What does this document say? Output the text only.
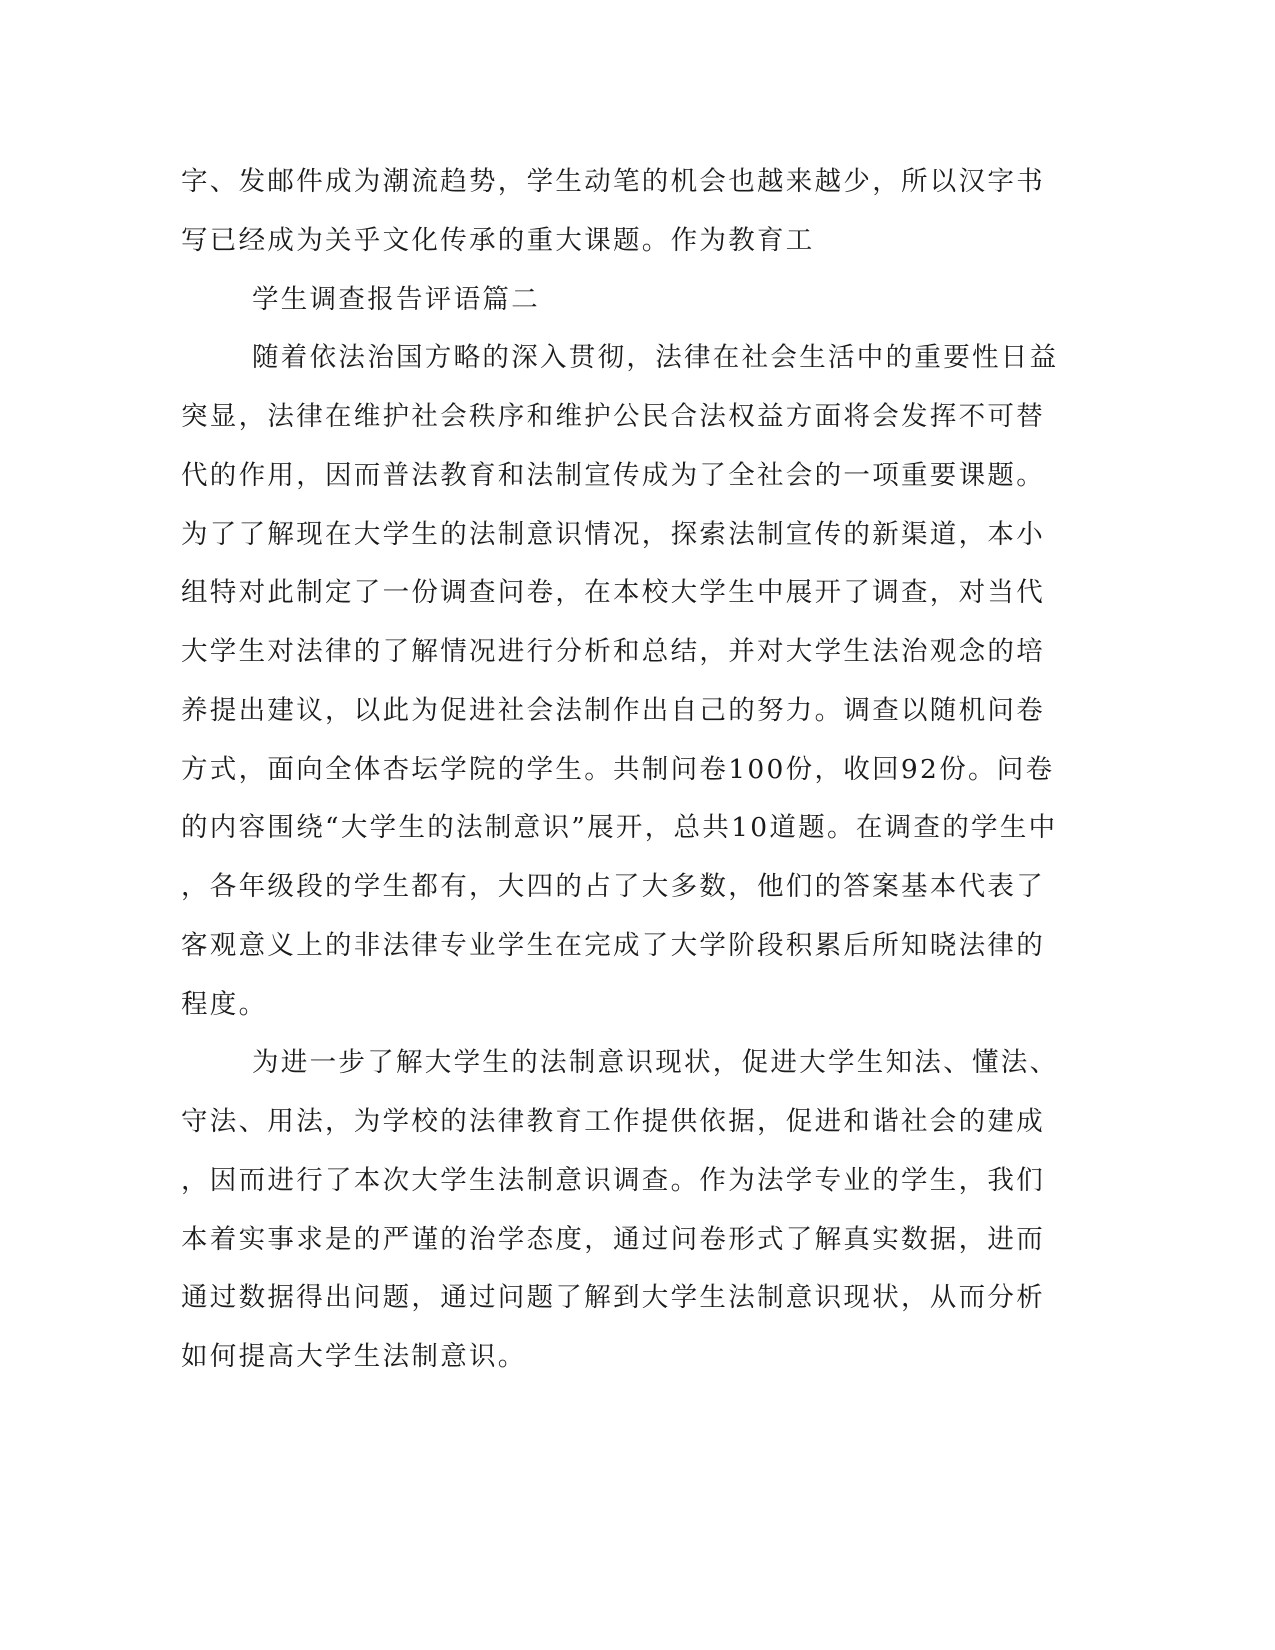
字、发邮件成为潮流趋势，学生动笔的机会也越来越少，所以汉字书
写已经成为关乎文化传承的重大课题。作为教育工
学生调查报告评语篇二
随着依法治国方略的深入贯彻，法律在社会生活中的重要性日益
突显，法律在维护社会秩序和维护公民合法权益方面将会发挥不可替
代的作用，因而普法教育和法制宣传成为了全社会的一项重要课题。
为了了解现在大学生的法制意识情况，探索法制宣传的新渠道，本小
组特对此制定了一份调查问卷，在本校大学生中展开了调查，对当代
大学生对法律的了解情况进行分析和总结，并对大学生法治观念的培
养提出建议，以此为促进社会法制作出自己的努力。调查以随机问卷
方式，面向全体杏坛学院的学生。共制问卷100份，收回92份。问卷
的内容围绕“大学生的法制意识”展开，总共10道题。在调查的学生中
，各年级段的学生都有，大四的占了大多数，他们的答案基本代表了
客观意义上的非法律专业学生在完成了大学阶段积累后所知晓法律的
程度。
为进一步了解大学生的法制意识现状，促进大学生知法、懂法、
守法、用法，为学校的法律教育工作提供依据，促进和谐社会的建成
，因而进行了本次大学生法制意识调查。作为法学专业的学生，我们
本着实事求是的严谨的治学态度，通过问卷形式了解真实数据，进而
通过数据得出问题，通过问题了解到大学生法制意识现状，从而分析
如何提高大学生法制意识。
